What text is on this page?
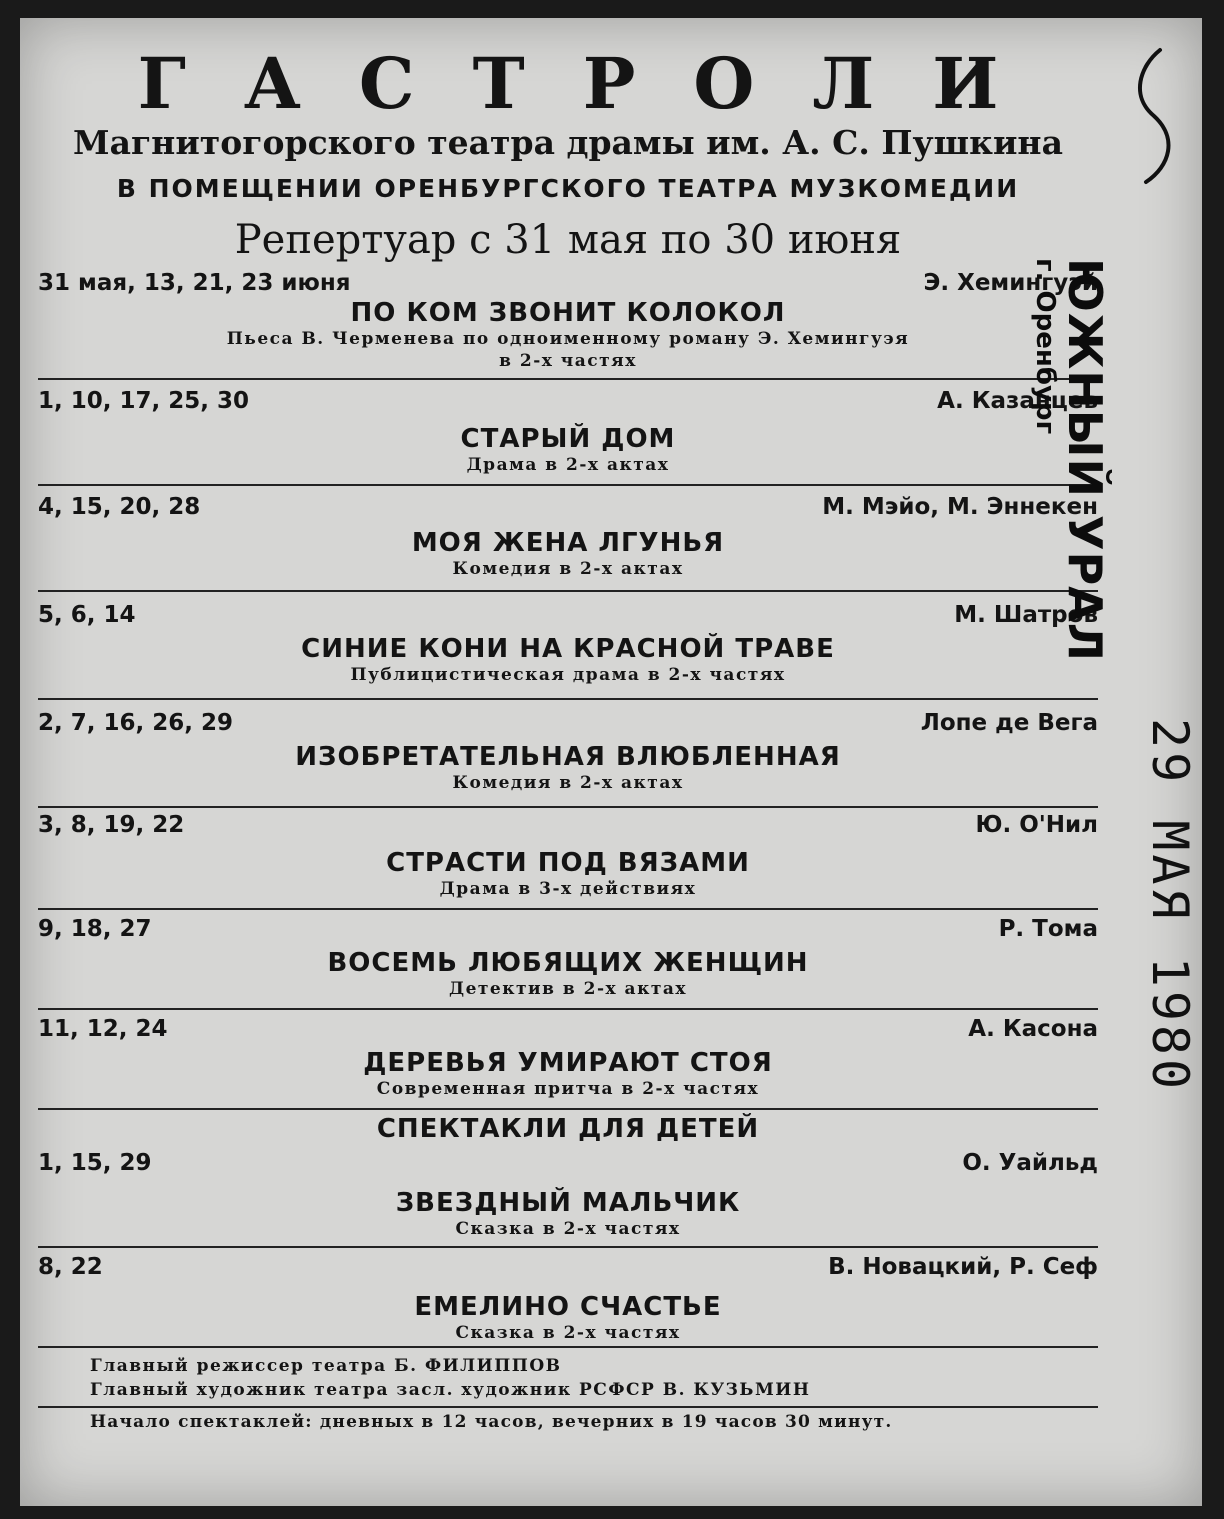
ГАСТРОЛИ
Магнитогорского театра драмы им. А. С. Пушкина
В ПОМЕЩЕНИИ ОРЕНБУРГСКОГО ТЕАТРА МУЗКОМЕДИИ
Репертуар с 31 мая по 30 июня
31 мая, 13, 21, 23 июня	Э. Хемингуэй
ПО КОМ ЗВОНИТ КОЛОКОЛ
Пьеса В. Черменева по одноименному роману Э. Хемингуэя
в 2-х частях
1, 10, 17, 25, 30	А. Казанцев
СТАРЫЙ ДОМ
Драма в 2-х актах
4, 15, 20, 28	М. Мэйо, М. Эннекен
МОЯ ЖЕНА ЛГУНЬЯ
Комедия в 2-х актах
5, 6, 14	М. Шатров
СИНИЕ КОНИ НА КРАСНОЙ ТРАВЕ
Публицистическая драма в 2-х частях
2, 7, 16, 26, 29	Лопе де Вега
ИЗОБРЕТАТЕЛЬНАЯ ВЛЮБЛЕННАЯ
Комедия в 2-х актах
3, 8, 19, 22	Ю. О'Нил
СТРАСТИ ПОД ВЯЗАМИ
Драма в 3-х действиях
9, 18, 27	Р. Тома
ВОСЕМЬ ЛЮБЯЩИХ ЖЕНЩИН
Детектив в 2-х актах
11, 12, 24	А. Касона
ДЕРЕВЬЯ УМИРАЮТ СТОЯ
Современная притча в 2-х частях
СПЕКТАКЛИ ДЛЯ ДЕТЕЙ
1, 15, 29	О. Уайльд
ЗВЕЗДНЫЙ МАЛЬЧИК
Сказка в 2-х частях
8, 22	В. Новацкий, Р. Сеф
ЕМЕЛИНО СЧАСТЬЕ
Сказка в 2-х частях
Главный режиссер театра Б. ФИЛИППОВ
Главный художник театра засл. художник РСФСР В. КУЗЬМИН
Начало спектаклей: дневных в 12 часов, вечерних в 19 часов 30 минут.
ЮЖНЫЙ УРАЛ
г. Оренбург
29 МАЯ 1980
